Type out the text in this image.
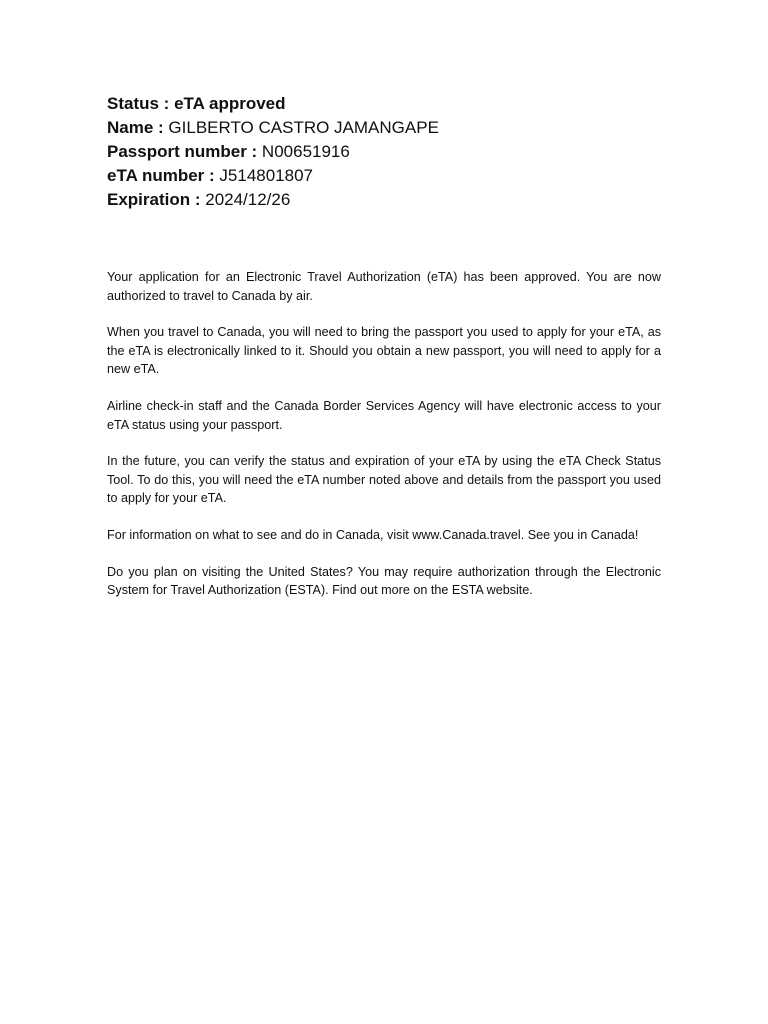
Status : eTA approved
Name : GILBERTO CASTRO JAMANGAPE
Passport number : N00651916
eTA number : J514801807
Expiration : 2024/12/26

Your application for an Electronic Travel Authorization (eTA) has been approved. You are now authorized to travel to Canada by air.

When you travel to Canada, you will need to bring the passport you used to apply for your eTA, as the eTA is electronically linked to it. Should you obtain a new passport, you will need to apply for a new eTA.

Airline check-in staff and the Canada Border Services Agency will have electronic access to your eTA status using your passport.

In the future, you can verify the status and expiration of your eTA by using the eTA Check Status Tool. To do this, you will need the eTA number noted above and details from the passport you used to apply for your eTA.

For information on what to see and do in Canada, visit www.Canada.travel. See you in Canada!

Do you plan on visiting the United States? You may require authorization through the Electronic System for Travel Authorization (ESTA). Find out more on the ESTA website.
